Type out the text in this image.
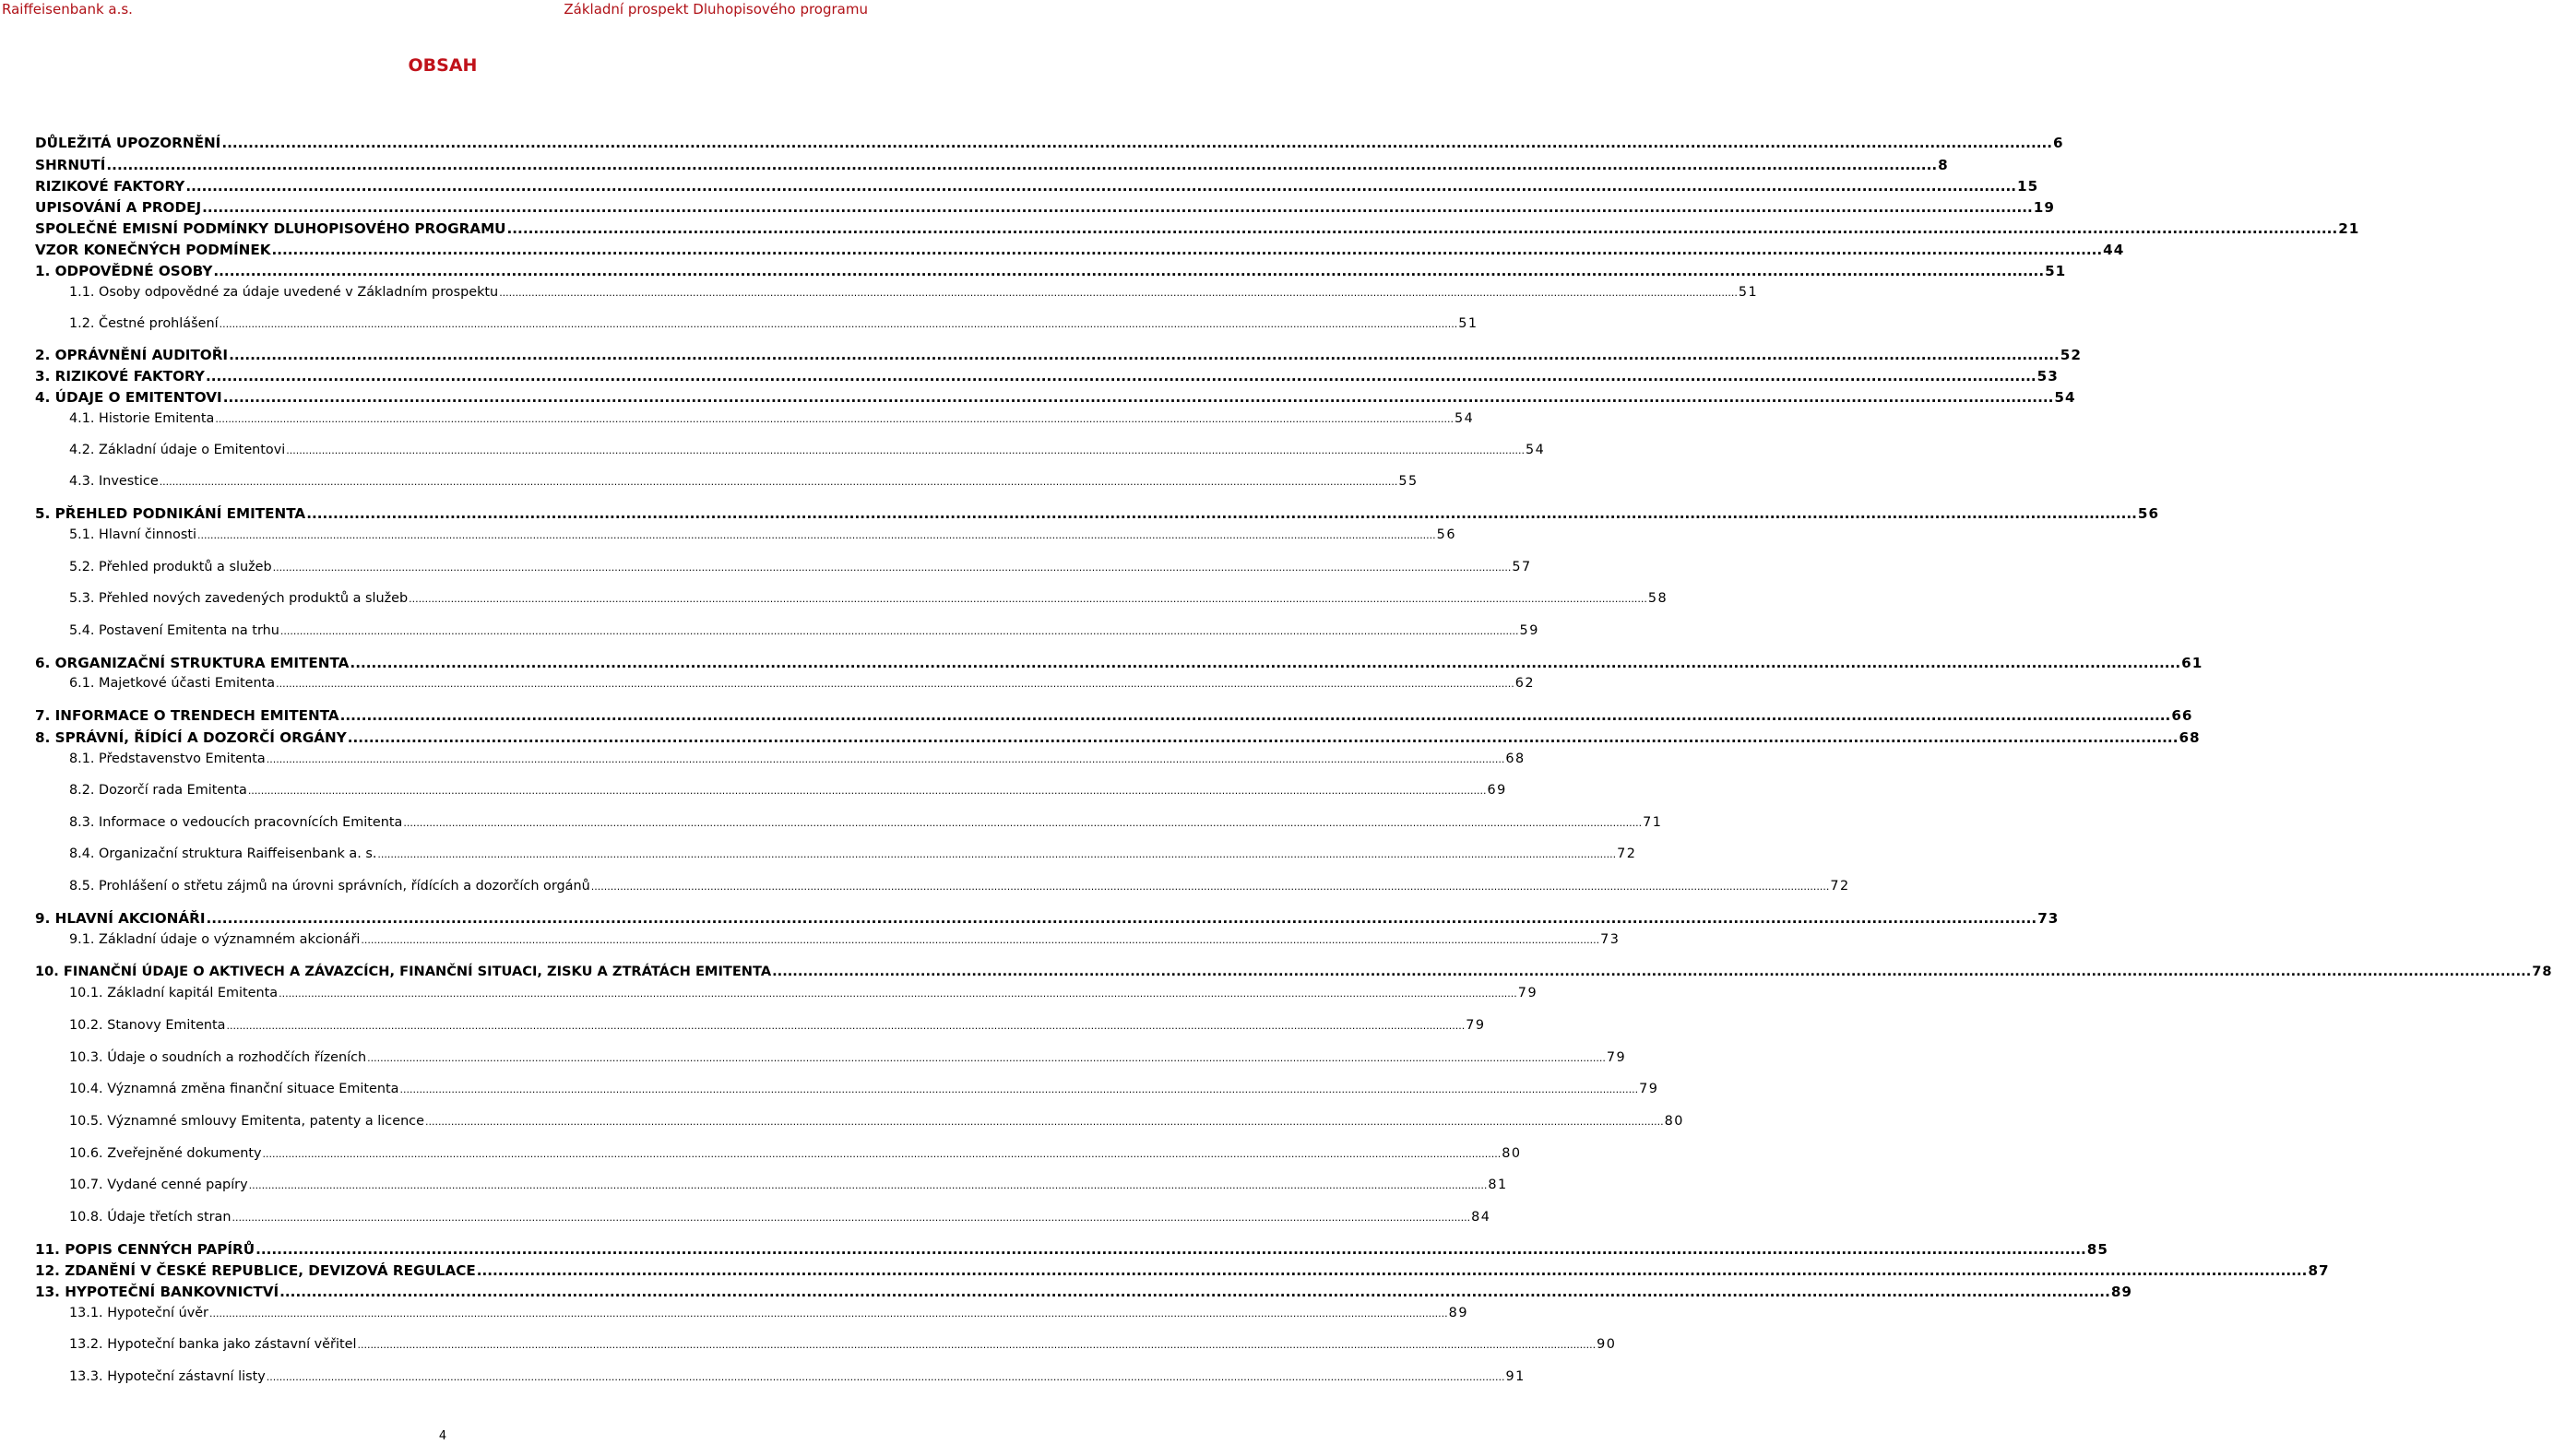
Raiffeisenbank a.s.	Základní prospekt Dluhopisového programu
OBSAH
DŮLEŽITÁ UPOZORNĚNÍ .....	6
SHRNUTÍ .....	8
RIZIKOVÉ FAKTORY .....	15
UPISOVÁNÍ A PRODEJ .....	19
SPOLEČNÉ EMISNÍ PODMÍNKY DLUHOPISOVÉHO PROGRAMU .....	21
VZOR KONEČNÝCH PODMÍNEK .....	44
1. ODPOVĚDNÉ OSOBY .....	51
1.1. Osoby odpovědné za údaje uvedené v Základním prospektu .....	51
1.2. Čestné prohlášení .....	51
2. OPRÁVNĚNÍ AUDITOŘI .....	52
3. RIZIKOVÉ FAKTORY .....	53
4. ÚDAJE O EMITENTOVI .....	54
4.1. Historie Emitenta .....	54
4.2. Základní údaje o Emitentovi .....	54
4.3. Investice .....	55
5. PŘEHLED PODNIKÁNÍ EMITENTA .....	56
5.1. Hlavní činnosti .....	56
5.2. Přehled produktů a služeb .....	57
5.3. Přehled nových zavedených produktů a služeb .....	58
5.4. Postavení Emitenta na trhu .....	59
6. ORGANIZAČNÍ STRUKTURA EMITENTA .....	61
6.1. Majetkové účasti Emitenta .....	62
7. INFORMACE O TRENDECH EMITENTA .....	66
8. SPRÁVNÍ, ŘÍDÍCÍ A DOZORČÍ ORGÁNY .....	68
8.1. Představenstvo Emitenta .....	68
8.2. Dozorčí rada Emitenta .....	69
8.3. Informace o vedoucích pracovnících Emitenta .....	71
8.4. Organizační struktura Raiffeisenbank a. s. .....	72
8.5. Prohlášení o střetu zájmů na úrovni správních, řídících a dozorčích orgánů .....	72
9. HLAVNÍ AKCIONÁŘI .....	73
9.1. Základní údaje o významném akcionáři .....	73
10. FINANČNÍ ÚDAJE O AKTIVECH A ZÁVAZCÍCH, FINANČNÍ SITUACI, ZISKU A ZTRÁTÁCH EMITENTA .....	78
10.1. Základní kapitál Emitenta .....	79
10.2. Stanovy Emitenta .....	79
10.3. Údaje o soudních a rozhodčích řízeních .....	79
10.4. Významná změna finanční situace Emitenta .....	79
10.5. Významné smlouvy Emitenta, patenty a licence .....	80
10.6. Zveřejněné dokumenty .....	80
10.7. Vydané cenné papíry .....	81
10.8. Údaje třetích stran .....	84
11. POPIS CENNÝCH PAPÍRŮ .....	85
12. ZDANĚNÍ V ČESKÉ REPUBLICE, DEVIZOVÁ REGULACE .....	87
13. HYPOTEČNÍ BANKOVNICTVÍ .....	89
13.1. Hypoteční úvěr .....	89
13.2. Hypoteční banka jako zástavní věřitel .....	90
13.3. Hypoteční zástavní listy .....	91
4
